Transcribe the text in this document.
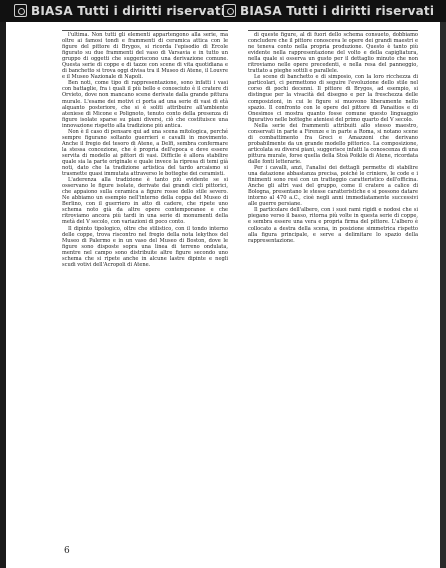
BIASA Tutti i diritti riservati BIASA Tutti i diritti riservati

l'ultima. Non tutti gli elementi appartengono alla serie, ma oltre ai famosi tondi e frammenti di ceramica attica con le figure del pittore di Brygos, si ricorda l'episodio di Ercole figurato su due frammenti del vaso di Varsavia e in tutto un gruppo di oggetti che suggeriscono una derivazione comune. Questa serie di coppe e di tazze con scene di vita quotidiana e di banchetto si trova oggi divisa tra il Museo di Atene, il Louvre e il Museo Nazionale di Napoli.

Ben noti, come tipo di rappresentazione, sono infatti i vasi con battaglie, fra i quali il più bello e conosciuto è il cratere di Orvieto, dove non mancano scene derivate dalla grande pittura murale. L'esame dei motivi ci porta ad una serie di vasi di età alquanto posteriore, che si è soliti attribuire all'ambiente ateniese di Micone e Polignoto, tenuto conto della presenza di figure isolate sparse su piani diversi, ciò che costituisce una innovazione rispetto alla tradizione più antica.

Non è il caso di pensare qui ad una scena mitologica, perché sempre figurano soltanto guerrieri e cavalli in movimento. Anche il fregio del tesoro di Atene, a Delfi, sembra confermare la stessa concezione, che è propria dell'epoca e deve essere servita di modello ai pittori di vasi. Difficile è allora stabilire quale sia la parte originale e quale invece la ripresa di temi già noti, dato che la tradizione artistica del tardo arcaismo si trasmette quasi immutata attraverso le botteghe dei ceramisti.

L'aderenza alla tradizione è tanto più evidente se si osservano le figure isolate, derivate dai grandi cicli pittorici, che appaiono sulla ceramica a figure rosse dello stile severo. Ne abbiamo un esempio nell'interno della coppa del Museo di Berlino, con il guerriero in atto di cadere, che ripete uno schema noto già da altre opere contemporanee e che ritroviamo ancora più tardi in una serie di monumenti della metà del V secolo, con variazioni di poco conto.

Il dipinto tipologico, oltre che stilistico, con il tondo interno delle coppe, trova riscontro nel fregio della nota lekythos del Museo di Palermo e in un vaso del Museo di Boston, dove le figure sono disposte sopra una linea di terreno ondulata, mentre nel campo sono distribuite altre figure secondo uno schema che si ripete anche in alcune lastre dipinte e negli scudi votivi dell'Acropoli di Atene.

di queste figure, al di fuori dello schema consueto, dobbiamo concludere che il pittore conosceva le opere dei grandi maestri e ne teneva conto nella propria produzione. Questo è tanto più evidente nella rappresentazione del volto e della capigliatura, nella quale si osserva un gusto per il dettaglio minuto che non ritroviamo nelle opere precedenti, e nella resa del panneggio, trattato a pieghe sottili e parallele.

Le scene di banchetto e di simposio, con la loro ricchezza di particolari, ci permettono di seguire l'evoluzione dello stile nel corso di pochi decenni. Il pittore di Brygos, ad esempio, si distingue per la vivacità del disegno e per la freschezza delle composizioni, in cui le figure si muovono liberamente nello spazio. Il confronto con le opere del pittore di Panaitios e di Onesimos ci mostra quanto fosse comune questo linguaggio figurativo nelle botteghe ateniesi del primo quarto del V secolo.

Nella serie dei frammenti attribuiti allo stesso maestro, conservati in parte a Firenze e in parte a Roma, si notano scene di combattimento fra Greci e Amazzoni che derivano probabilmente da un grande modello pittorico. La composizione, articolata su diversi piani, suggerisce infatti la conoscenza di una pittura murale, forse quella della Stoà Poikile di Atene, ricordata dalle fonti letterarie.

Per i cavalli, anzi, l'analisi dei dettagli permette di stabilire una datazione abbastanza precisa, poiché le criniere, le code e i finimenti sono resi con un tratteggio caratteristico dell'officina. Anche gli altri vasi del gruppo, come il cratere a calice di Bologna, presentano le stesse caratteristiche e si possono datare intorno al 470 a.C., cioè negli anni immediatamente successivi alle guerre persiane.

Il particolare dell'albero, con i suoi rami rigidi e nodosi che si piegano verso il basso, ritorna più volte in questa serie di coppe, e sembra essere una vera e propria firma del pittore. L'albero è collocato a destra della scena, in posizione simmetrica rispetto alla figura principale, e serve a delimitare lo spazio della rappresentazione.

6
